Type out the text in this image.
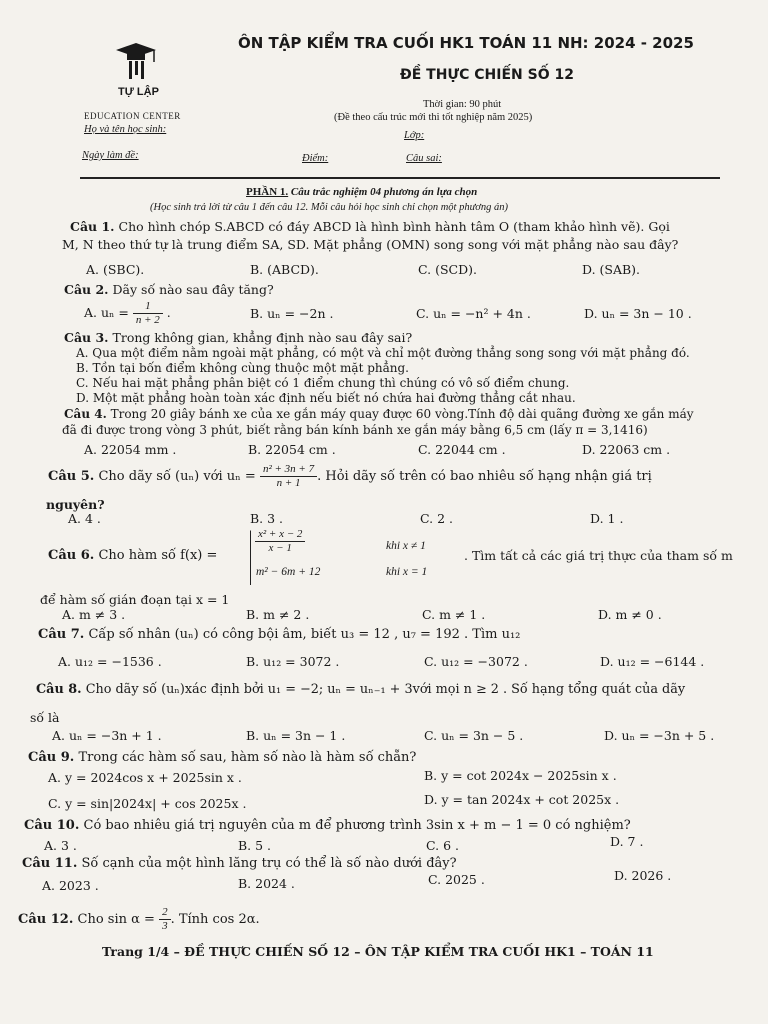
TỰ LẬP
EDUCATION CENTER
ÔN TẬP KIỂM TRA CUỐI HK1 TOÁN 11 NH: 2024 - 2025
ĐỀ THỰC CHIẾN SỐ 12
Thời gian: 90 phút
(Đề theo cấu trúc mới thi tốt nghiệp năm 2025)
Họ và tên học sinh:
Lớp:
Ngày làm đề:	Điểm:	Câu sai:
PHẦN 1. Câu trắc nghiệm 04 phương án lựa chọn
(Học sinh trả lời từ câu 1 đến câu 12. Mỗi câu hỏi học sinh chỉ chọn một phương án)
Câu 1. Cho hình chóp S.ABCD có đáy ABCD là hình bình hành tâm O (tham khảo hình vẽ). Gọi
M, N theo thứ tự là trung điểm SA, SD. Mặt phẳng (OMN) song song với mặt phẳng nào sau đây?
A. (SBC).	B. (ABCD).	C. (SCD).	D. (SAB).
Câu 2. Dãy số nào sau đây tăng?
A. $u_n = \frac{1}{n + 2}$ .	B. uₙ = −2n .	C. uₙ = −n² + 4n .	D. uₙ = 3n − 10 .
Câu 3. Trong không gian, khẳng định nào sau đây sai?
A. Qua một điểm nằm ngoài mặt phẳng, có một và chỉ một đường thẳng song song với mặt phẳng đó.
B. Tồn tại bốn điểm không cùng thuộc một mặt phẳng.
C. Nếu hai mặt phẳng phân biệt có 1 điểm chung thì chúng có vô số điểm chung.
D. Một mặt phẳng hoàn toàn xác định nếu biết nó chứa hai đường thẳng cắt nhau.
Câu 4. Trong 20 giây bánh xe của xe gắn máy quay được 60 vòng.Tính độ dài quãng đường xe gắn máy
đã đi được trong vòng 3 phút, biết rằng bán kính bánh xe gắn máy bằng 6,5 cm (lấy π = 3,1416)
A. 22054 mm .	B. 22054 cm .	C. 22044 cm .	D. 22063 cm .
Câu 5. Cho dãy số (uₙ) với $u_n = \frac{\text{n² + 3n + 7}}{n + 1}$ . Hỏi dãy số trên có bao nhiêu số hạng nhận giá trị
nguyên?
A. 4 .	B. 3 .	C. 2 .	D. 1 .
Câu 6. Cho hàm số f(x) =
$\frac{\text{x² + x − 2}}{x - 1}$	khi x ≠ 1
m² − 6m + 12	khi x = 1
. Tìm tất cả các giá trị thực của tham số m
để hàm số gián đoạn tại x = 1
A. m ≠ 3 .	B. m ≠ 2 .	C. m ≠ 1 .	D. m ≠ 0 .
Câu 7. Cấp số nhân (uₙ) có công bội âm, biết u₃ = 12 , u₇ = 192 . Tìm u₁₂
A. u₁₂ = −1536 .	B. u₁₂ = 3072 .	C. u₁₂ = −3072 .	D. u₁₂ = −6144 .
Câu 8. Cho dãy số (uₙ)xác định bởi u₁ = −2; uₙ = uₙ₋₁ + 3với mọi n ≥ 2 . Số hạng tổng quát của dãy
số là
A. uₙ = −3n + 1 .	B. uₙ = 3n − 1 .	C. uₙ = 3n − 5 .	D. uₙ = −3n + 5 .
Câu 9. Trong các hàm số sau, hàm số nào là hàm số chẵn?
A. y = 2024cos x + 2025sin x .	B. y = cot 2024x − 2025sin x .
C. y = sin|2024x| + cos 2025x .	D. y = tan 2024x + cot 2025x .
Câu 10. Có bao nhiêu giá trị nguyên của m để phương trình 3sin x + m − 1 = 0 có nghiệm?
A. 3 .	B. 5 .	C. 6 .	D. 7 .
Câu 11. Số cạnh của một hình lăng trụ có thể là số nào dưới đây?
A. 2023 .	B. 2024 .	C. 2025 .	D. 2026 .
Câu 12. Cho $\sin \alpha = \frac{2}{3}$ . Tính cos 2α.
Trang 1/4 – ĐỀ THỰC CHIẾN SỐ 12 – ÔN TẬP KIỂM TRA CUỐI HK1 – TOÁN 11
